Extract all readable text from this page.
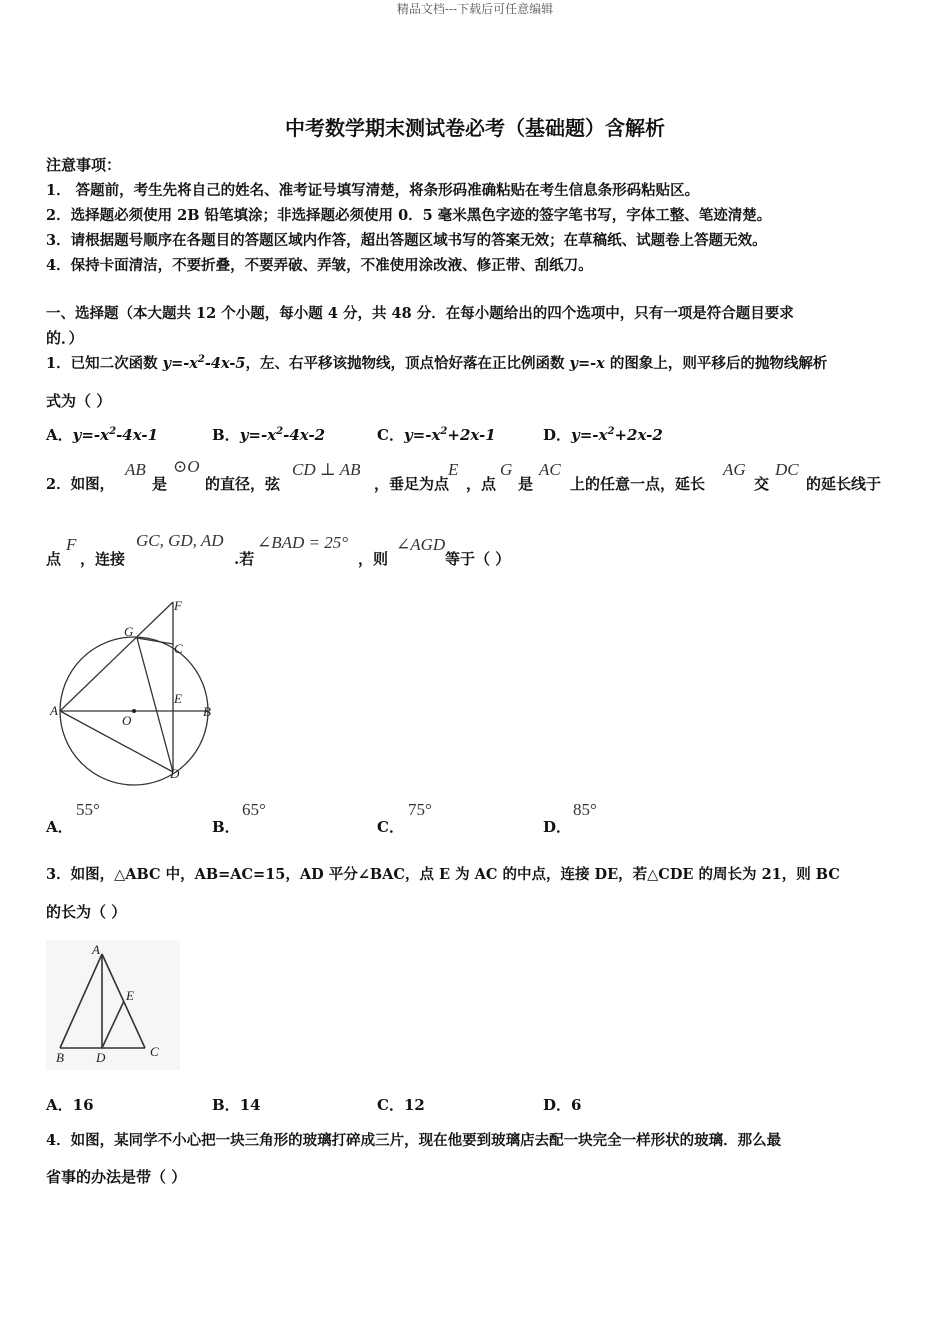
精品文档---下载后可任意编辑
中考数学期末测试卷必考（基础题）含解析
注意事项：
1． 答题前，考生先将自己的姓名、准考证号填写清楚，将条形码准确粘贴在考生信息条形码粘贴区。
2．选择题必须使用 2B 铅笔填涂；非选择题必须使用 0．5 毫米黑色字迹的签字笔书写，字体工整、笔迹清楚。
3．请根据题号顺序在各题目的答题区域内作答，超出答题区域书写的答案无效；在草稿纸、试题卷上答题无效。
4．保持卡面清洁，不要折叠，不要弄破、弄皱，不准使用涂改液、修正带、刮纸刀。
一、选择题（本大题共 12 个小题，每小题 4 分，共 48 分．在每小题给出的四个选项中，只有一项是符合题目要求
的．）
1．已知二次函数 $y=-x^2-4x-5$，左、右平移该抛物线，顶点恰好落在正比例函数 y=-x 的图象上，则平移后的抛物线解析
式为（ ）
A．$y=-x^2-4x-1$	B．$y=-x^2-4x-2$	C．$y=-x^2+2x-1$	D．$y=-x^2+2x-2$
2．如图，
AB
是
⊙O
的直径，弦
CD ⊥ AB
，垂足为点
E
，点
G
是
AC
上的任意一点，延长
AG
交
DC
的延长线于
点
F
，连接
GC, GD, AD
.若
∠BAD = 25°
，则
∠AGD
等于（ ）
F
G
C
A
O
E
B
D
A．
55°
B．
65°
C．
75°
D．
85°
3．如图，△ABC 中，AB=AC=15，AD 平分∠BAC，点 E 为 AC 的中点，连接 DE，若△CDE 的周长为 21，则 BC
的长为（ ）
A
E
B D	C
A．16	B．14	C．12	D．6
4．如图，某同学不小心把一块三角形的玻璃打碎成三片，现在他要到玻璃店去配一块完全一样形状的玻璃．那么最
省事的办法是带（ ）
